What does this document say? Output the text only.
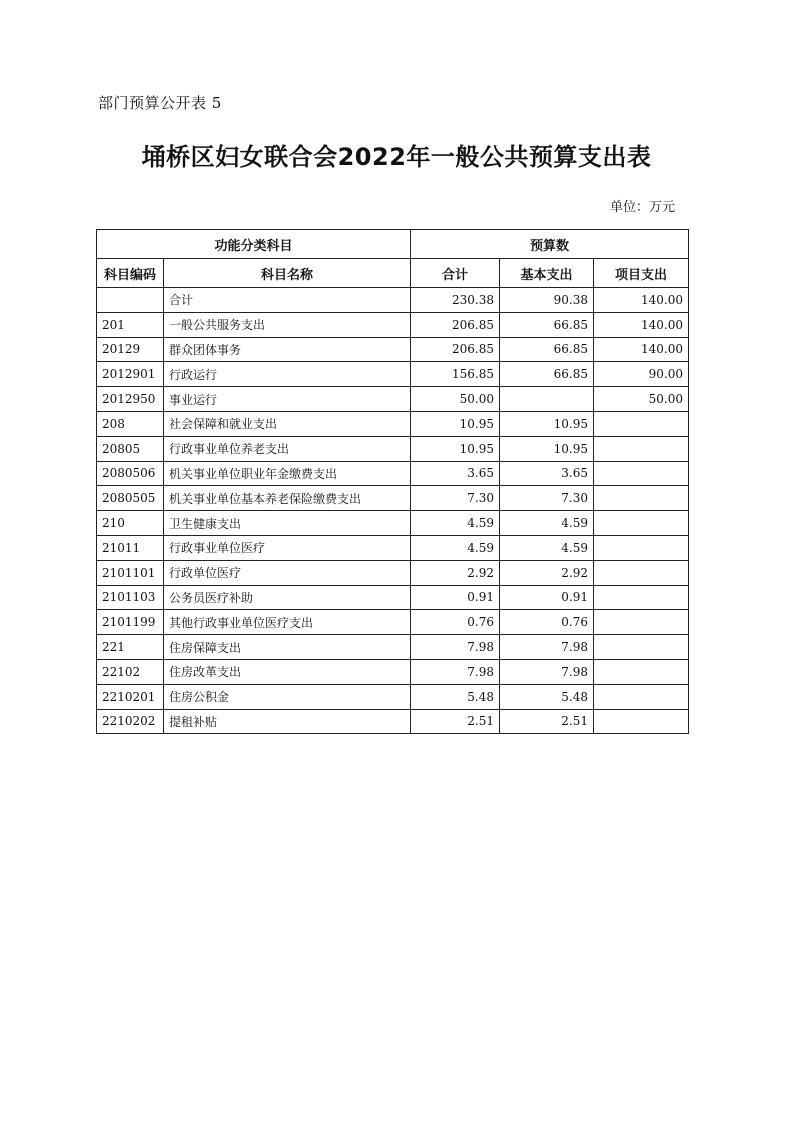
部门预算公开表 5
埇桥区妇女联合会2022年一般公共预算支出表
单位：万元
功能分类科目		预算数		
科目编码	科目名称	合计	基本支出	项目支出
	合计	230.38	90.38	140.00
201	一般公共服务支出	206.85	66.85	140.00
20129	群众团体事务	206.85	66.85	140.00
2012901	行政运行	156.85	66.85	90.00
2012950	事业运行	50.00		50.00
208	社会保障和就业支出	10.95	10.95	
20805	行政事业单位养老支出	10.95	10.95	
2080506	机关事业单位职业年金缴费支出	3.65	3.65	
2080505	机关事业单位基本养老保险缴费支出	7.30	7.30	
210	卫生健康支出	4.59	4.59	
21011	行政事业单位医疗	4.59	4.59	
2101101	行政单位医疗	2.92	2.92	
2101103	公务员医疗补助	0.91	0.91	
2101199	其他行政事业单位医疗支出	0.76	0.76	
221	住房保障支出	7.98	7.98	
22102	住房改革支出	7.98	7.98	
2210201	住房公积金	5.48	5.48	
2210202	提租补贴	2.51	2.51	
